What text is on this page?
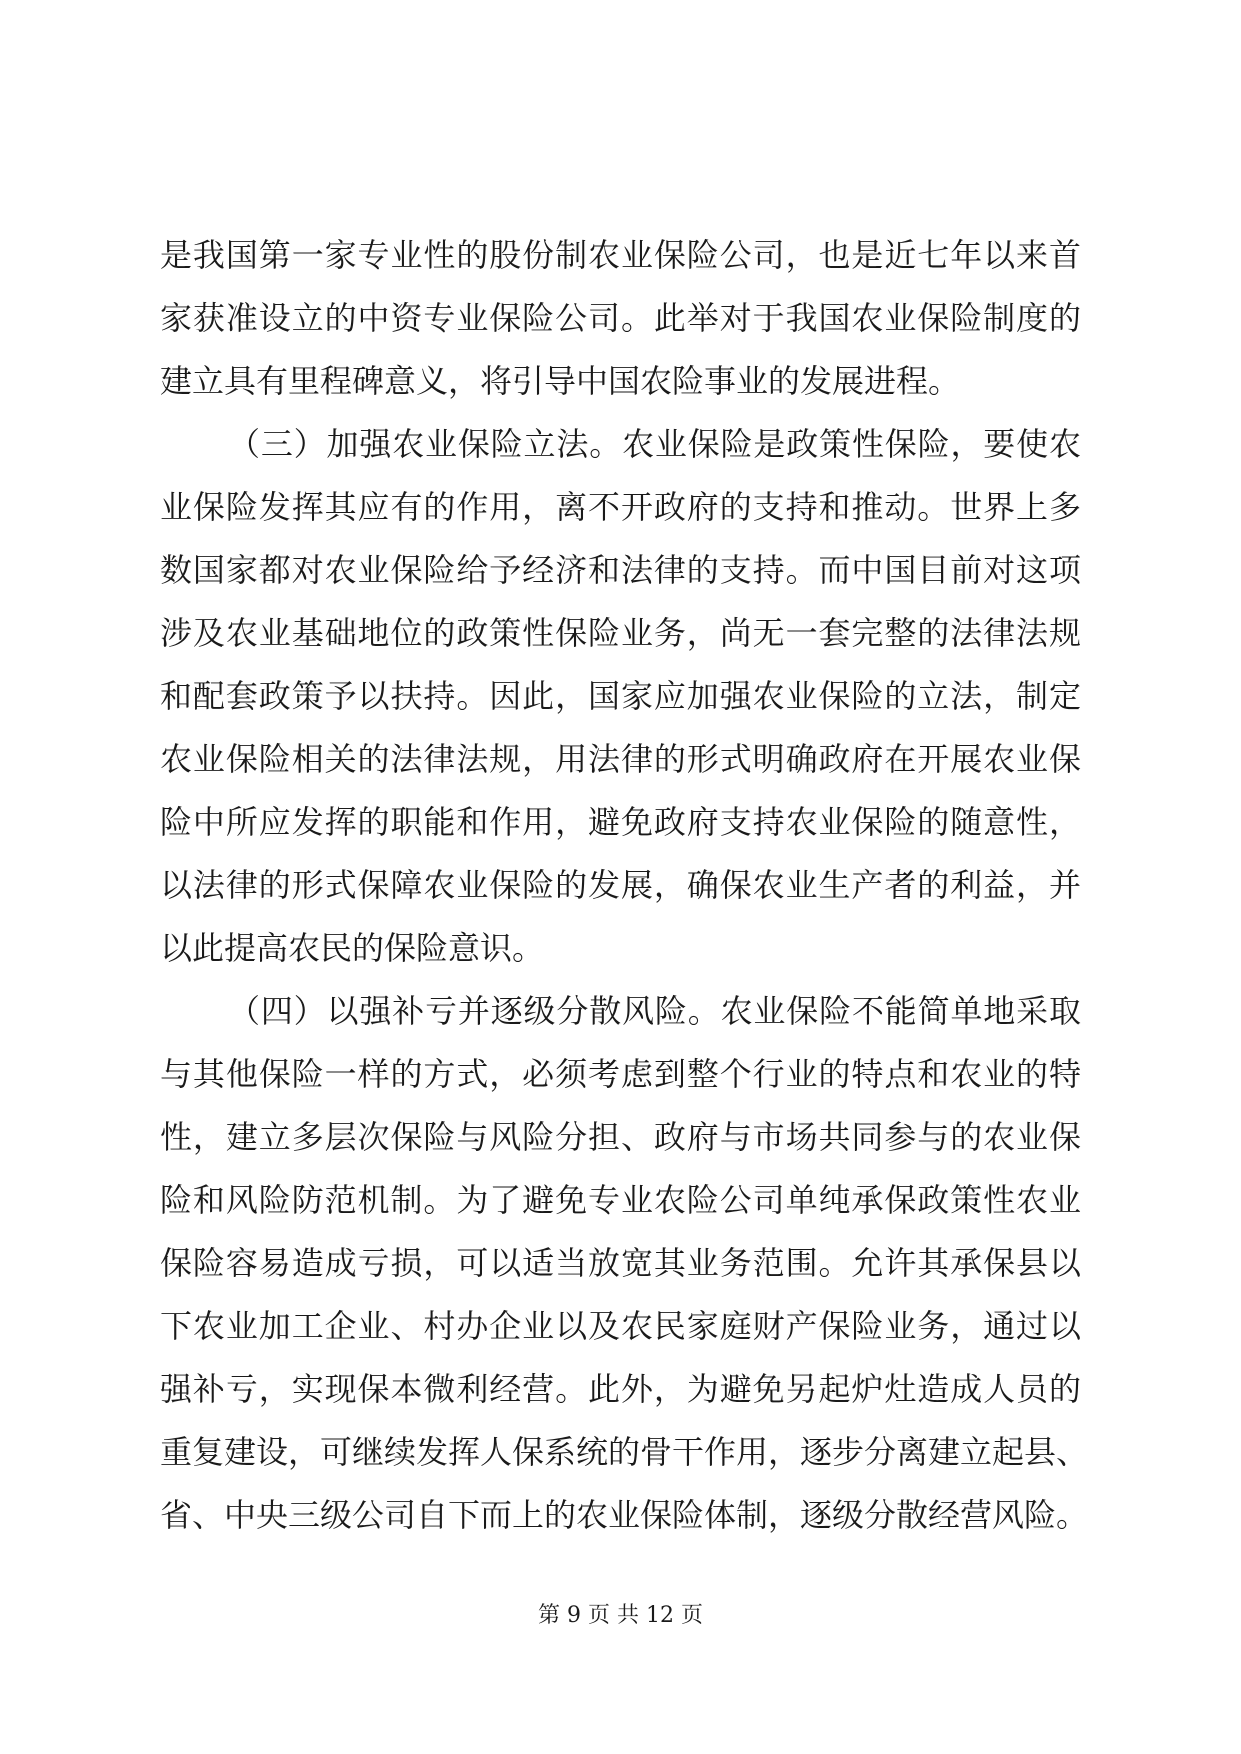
是我国第一家专业性的股份制农业保险公司，也是近七年以来首
家获准设立的中资专业保险公司。此举对于我国农业保险制度的
建立具有里程碑意义，将引导中国农险事业的发展进程。
（三）加强农业保险立法。农业保险是政策性保险，要使农
业保险发挥其应有的作用，离不开政府的支持和推动。世界上多
数国家都对农业保险给予经济和法律的支持。而中国目前对这项
涉及农业基础地位的政策性保险业务，尚无一套完整的法律法规
和配套政策予以扶持。因此，国家应加强农业保险的立法，制定
农业保险相关的法律法规，用法律的形式明确政府在开展农业保
险中所应发挥的职能和作用，避免政府支持农业保险的随意性，
以法律的形式保障农业保险的发展，确保农业生产者的利益，并
以此提高农民的保险意识。
（四）以强补亏并逐级分散风险。农业保险不能简单地采取
与其他保险一样的方式，必须考虑到整个行业的特点和农业的特
性，建立多层次保险与风险分担、政府与市场共同参与的农业保
险和风险防范机制。为了避免专业农险公司单纯承保政策性农业
保险容易造成亏损，可以适当放宽其业务范围。允许其承保县以
下农业加工企业、村办企业以及农民家庭财产保险业务，通过以
强补亏，实现保本微利经营。此外，为避免另起炉灶造成人员的
重复建设，可继续发挥人保系统的骨干作用，逐步分离建立起县、
省、中央三级公司自下而上的农业保险体制，逐级分散经营风险。
第 9 页 共 12 页
